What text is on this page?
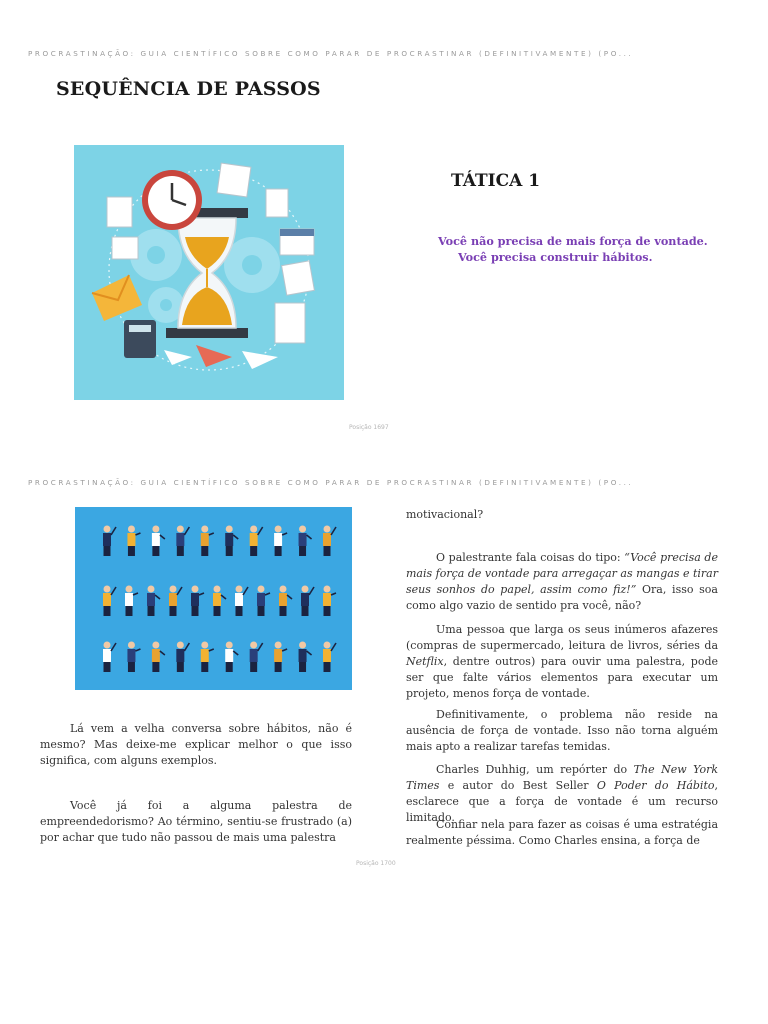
PROCRASTINAÇÃO: GUIA CIENTÍFICO SOBRE COMO PARAR DE PROCRASTINAR (DEFINITIVAMENTE) (PO...
SEQUÊNCIA DE PASSOS
TÁTICA 1
Você não precisa de mais força de vontade.
Você precisa construir hábitos.
Posição 1697
PROCRASTINAÇÃO: GUIA CIENTÍFICO SOBRE COMO PARAR DE PROCRASTINAR (DEFINITIVAMENTE) (PO...

Lá vem a velha conversa sobre hábitos, não é mesmo? Mas deixe-me explicar melhor o que isso significa, com alguns exemplos.

Você já foi a alguma palestra de empreendedorismo? Ao término, sentiu-se frustrado (a) por achar que tudo não passou de mais uma palestra

motivacional?

O palestrante fala coisas do tipo: “Você precisa de mais força de vontade para arregaçar as mangas e tirar seus sonhos do papel, assim como fiz!” Ora, isso soa como algo vazio de sentido pra você, não?

Uma pessoa que larga os seus inúmeros afazeres (compras de supermercado, leitura de livros, séries da Netflix, dentre outros) para ouvir uma palestra, pode ser que falte vários elementos para executar um projeto, menos força de vontade.

Definitivamente, o problema não reside na ausência de força de vontade. Isso não torna alguém mais apto a realizar tarefas temidas.

Charles Duhhig, um repórter do The New York Times e autor do Best Seller O Poder do Hábito, esclarece que a força de vontade é um recurso limitado.

Confiar nela para fazer as coisas é uma estratégia realmente péssima. Como Charles ensina, a força de

Posição 1700
